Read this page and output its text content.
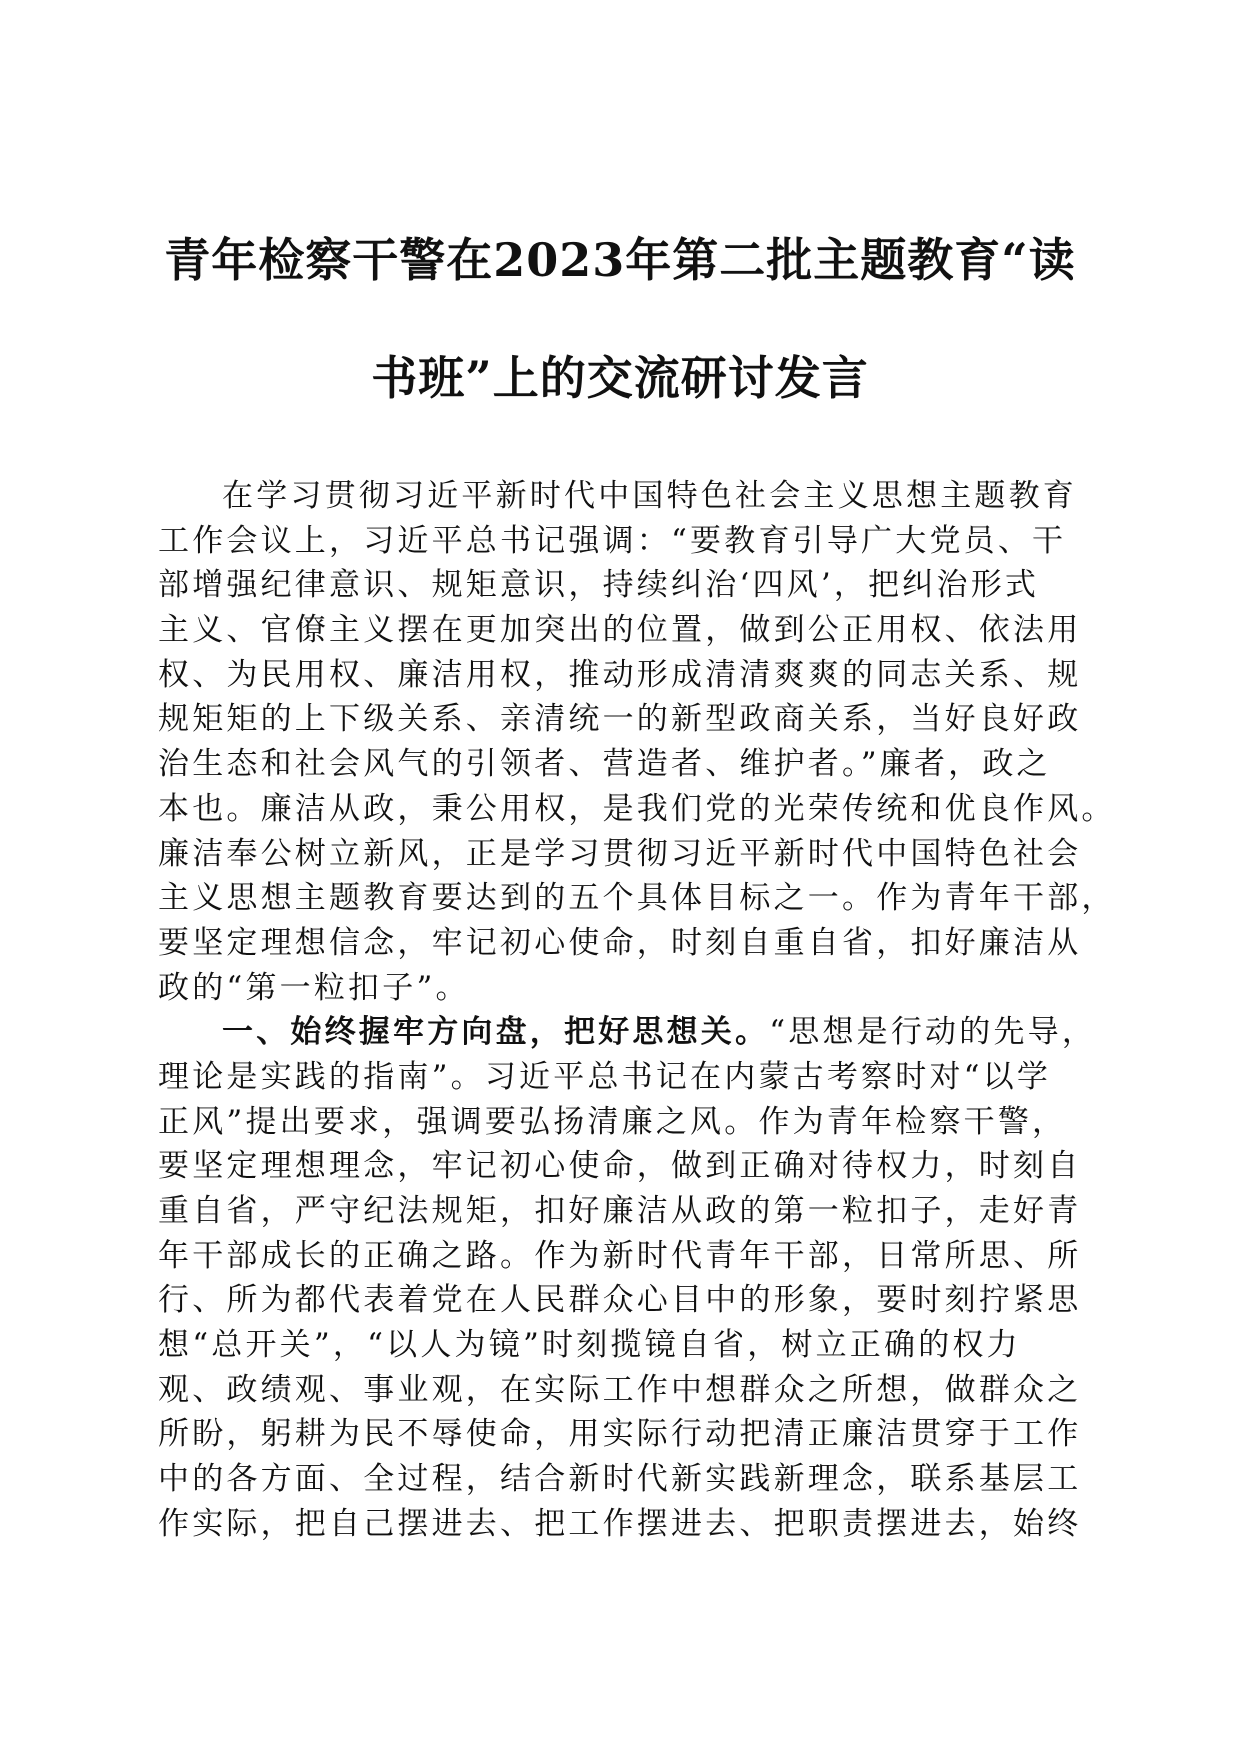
青年检察干警在2023年第二批主题教育“读
书班”上的交流研讨发言
在学习贯彻习近平新时代中国特色社会主义思想主题教育
工作会议上，习近平总书记强调：“要教育引导广大党员、干
部增强纪律意识、规矩意识，持续纠治‘四风’，把纠治形式
主义、官僚主义摆在更加突出的位置，做到公正用权、依法用
权、为民用权、廉洁用权，推动形成清清爽爽的同志关系、规
规矩矩的上下级关系、亲清统一的新型政商关系，当好良好政
治生态和社会风气的引领者、营造者、维护者。”廉者，政之
本也。廉洁从政，秉公用权，是我们党的光荣传统和优良作风。
廉洁奉公树立新风，正是学习贯彻习近平新时代中国特色社会
主义思想主题教育要达到的五个具体目标之一。作为青年干部，
要坚定理想信念，牢记初心使命，时刻自重自省，扣好廉洁从
政的“第一粒扣子”。
一、始终握牢方向盘，把好思想关。“思想是行动的先导，
理论是实践的指南”。习近平总书记在内蒙古考察时对“以学
正风”提出要求，强调要弘扬清廉之风。作为青年检察干警，
要坚定理想理念，牢记初心使命，做到正确对待权力，时刻自
重自省，严守纪法规矩，扣好廉洁从政的第一粒扣子，走好青
年干部成长的正确之路。作为新时代青年干部，日常所思、所
行、所为都代表着党在人民群众心目中的形象，要时刻拧紧思
想“总开关”，“以人为镜”时刻揽镜自省，树立正确的权力
观、政绩观、事业观，在实际工作中想群众之所想，做群众之
所盼，躬耕为民不辱使命，用实际行动把清正廉洁贯穿于工作
中的各方面、全过程，结合新时代新实践新理念，联系基层工
作实际，把自己摆进去、把工作摆进去、把职责摆进去，始终
